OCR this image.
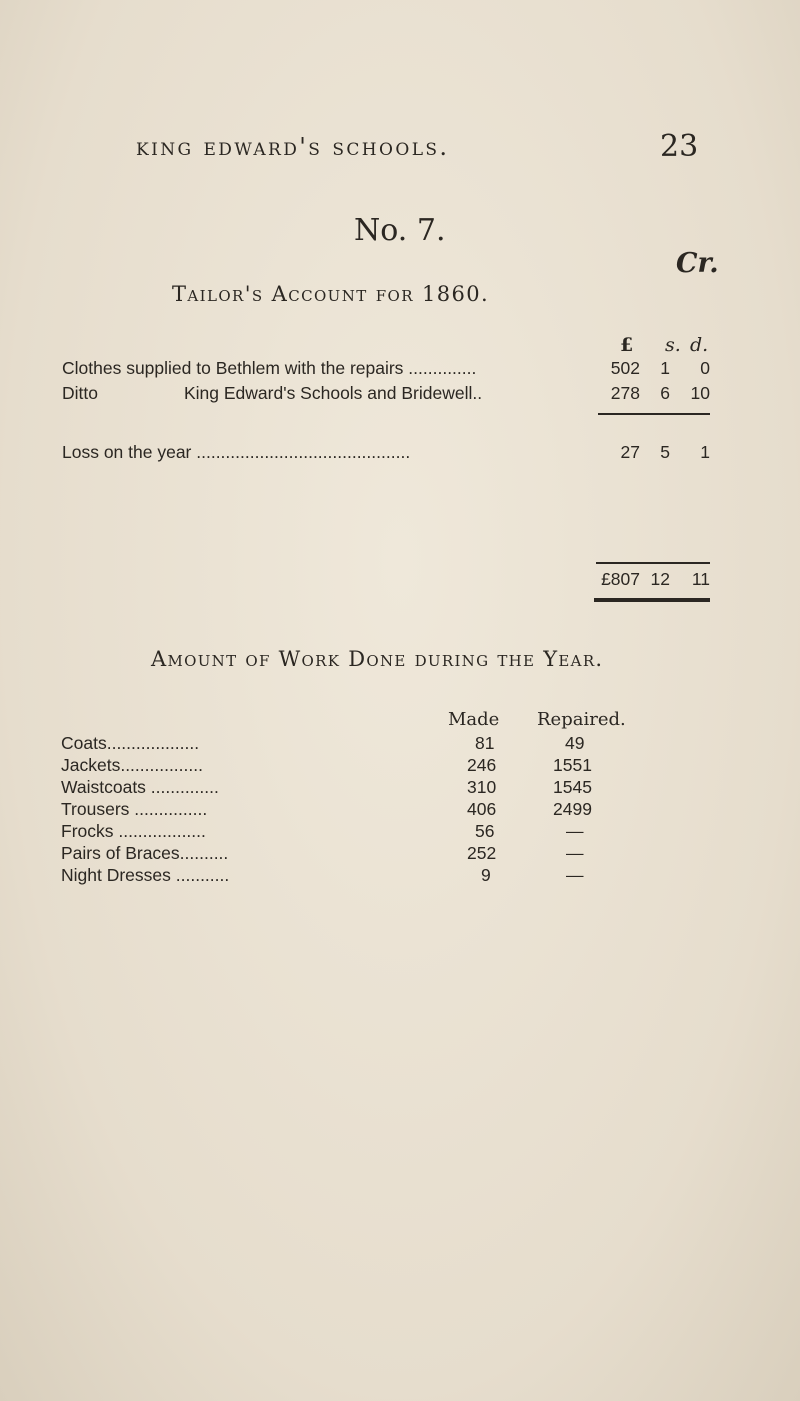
king edward's schools.	23
No. 7.
Cr.
Tailor's Account for 1860.
£ s. d.
Clothes supplied to Bethlem with the repairs ..............	502	1	0
Ditto	King Edward's Schools and Bridewell..	278	6	10
Loss on the year ............................................	27	5	1
£807 12	11
Amount of Work Done during the Year.
Made Repaired.
Coats...................	81	49
Jackets.................	246	1551
Waistcoats ..............	310	1545
Trousers ...............	406	2499
Frocks ..................	56	—
Pairs of Braces..........	252	—
Night Dresses ...........	9	—
